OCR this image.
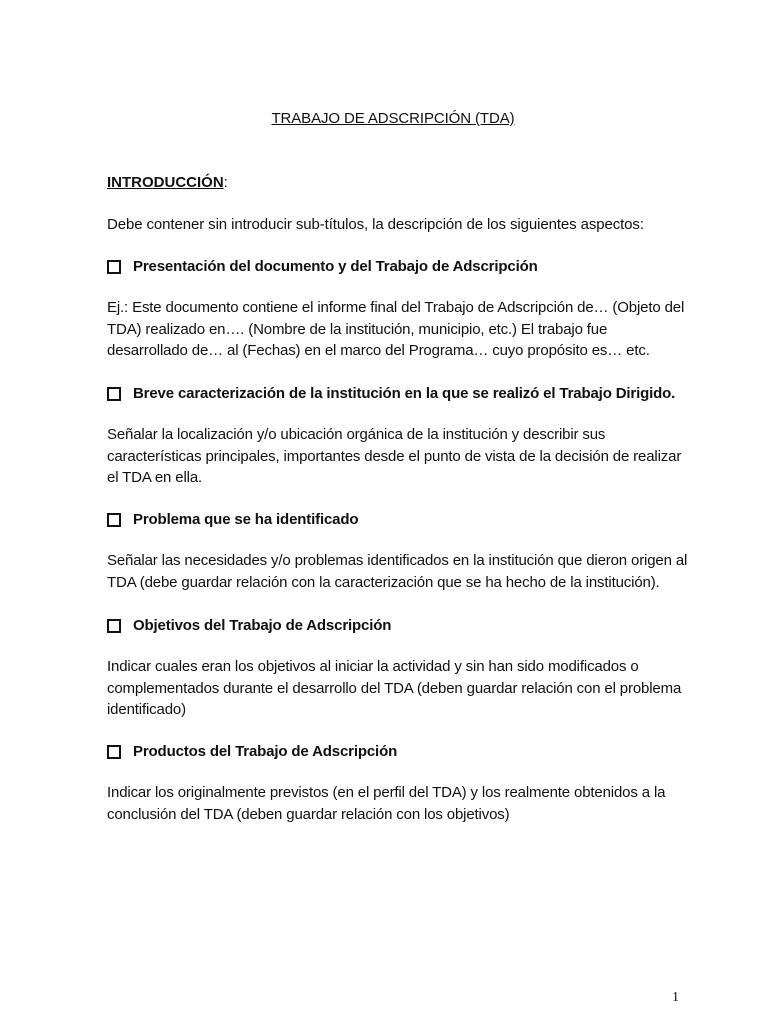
TRABAJO DE ADSCRIPCIÓN (TDA)
INTRODUCCIÓN:
Debe contener sin introducir sub-títulos, la descripción de los siguientes aspectos:
Presentación del documento y del Trabajo de Adscripción
Ej.: Este documento contiene el informe final del Trabajo de Adscripción de… (Objeto del
TDA) realizado en…. (Nombre de la institución, municipio, etc.) El trabajo fue
desarrollado de… al (Fechas) en el marco del Programa… cuyo propósito es… etc.
Breve caracterización de la institución en la que se realizó el Trabajo Dirigido.
Señalar la localización y/o ubicación orgánica de la institución y describir sus
características principales, importantes desde el punto de vista de la decisión de realizar
el TDA en ella.
Problema que se ha identificado
Señalar las necesidades y/o problemas identificados en la institución que dieron origen al
TDA (debe guardar relación con la caracterización que se ha hecho de la institución).
Objetivos del Trabajo de Adscripción
Indicar cuales eran los objetivos al iniciar la actividad y sin han sido modificados o
complementados durante el desarrollo del TDA (deben guardar relación con el problema
identificado)
Productos del Trabajo de Adscripción
Indicar los originalmente previstos (en el perfil del TDA) y los realmente obtenidos a la
conclusión del TDA (deben guardar relación con los objetivos)
1
